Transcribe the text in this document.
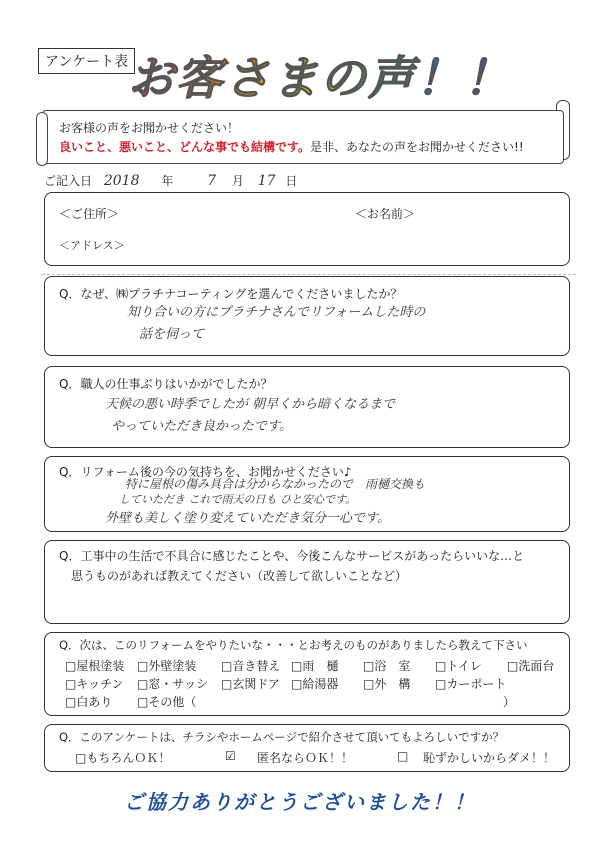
アンケート表 お客さまの声！！
お客様の声をお聞かせください！
良いこと、悪いこと、どんな事でも結構です。是非、あなたの声をお聞かせください!!
ご記入日 2018 年 7 月 17 日
＜ご住所＞	＜お名前＞
＜アドレス＞
Q．なぜ、㈱プラチナコーティングを選んでくださいましたか？
知り合いの方にプラチナさんでリフォームした時の
話を伺って
Q．職人の仕事ぶりはいかがでしたか？
天候の悪い時季でしたが 朝早くから暗くなるまで
やっていただき良かったです。
Q．リフォーム後の今の気持ちを、お聞かせください♪
特に屋根の傷み具合は分からなかったので　雨樋交換も
していただき これで雨天の日も ひと安心です。
外壁も美しく塗り変えていただき気分一心です。
Q．工事中の生活で不具合に感じたことや、今後こんなサービスがあったらいいな…と
思うものがあれば教えてください（改善して欲しいことなど）
Q．次は、このリフォームをやりたいな・・・とお考えのものがありましたら教えて下さい
□屋根塗装 □外壁塗装 □音き替え □雨　樋 □浴　室 □トイレ □洗面台
□キッチン □窓・サッシ □玄関ドア □給湯器 □外　構 □カーポート
□白あり □その他（	）
Q．このアンケートは、チラシやホームページで紹介させて頂いてもよろしいですか？
□もちろんＯＫ！	☑ 匿名ならＯＫ！！	□ 恥ずかしいからダメ！！
ご協力ありがとうございました！！
